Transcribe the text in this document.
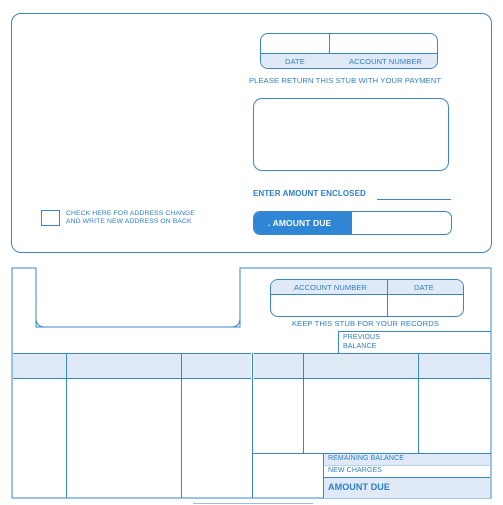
DATE	ACCOUNT NUMBER
PLEASE RETURN THIS STUB WITH YOUR PAYMENT
ENTER AMOUNT ENCLOSED
. AMOUNT DUE
CHECK HERE FOR ADDRESS CHANGE
AND WRITE NEW ADDRESS ON BACK
ACCOUNT NUMBER	DATE
KEEP THIS STUB FOR YOUR RECORDS
PREVIOUS
BALANCE
REMAINING BALANCE
NEW CHARGES
AMOUNT DUE
